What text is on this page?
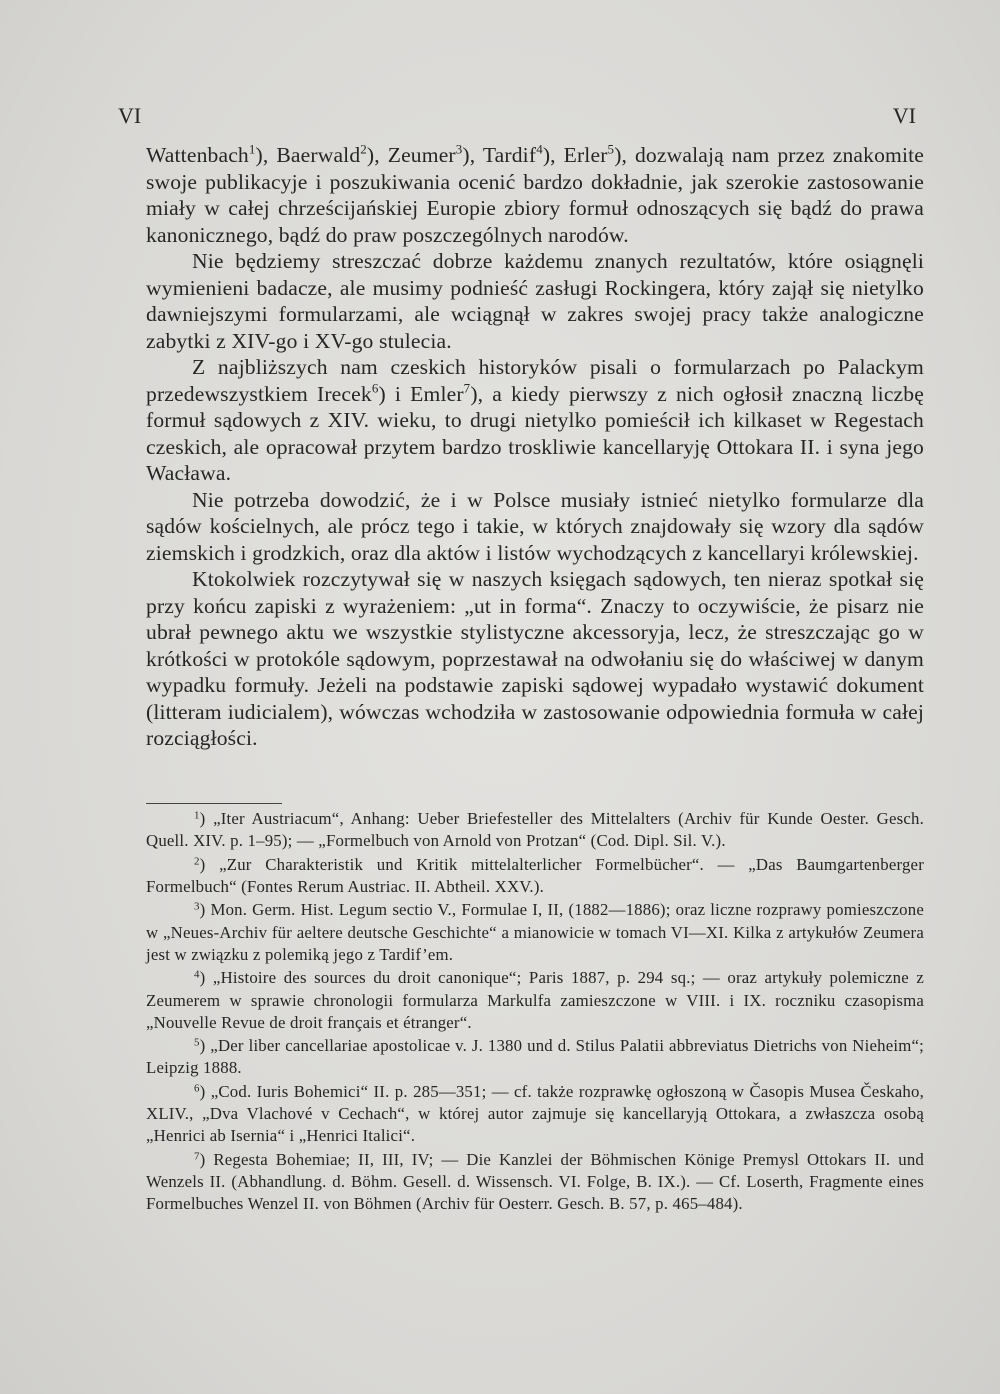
VI	VI

Wattenbach$^1$), Baerwald$^2$), Zeumer$^3$), Tardif$^4$), Erler$^5$), dozwalają nam przez znakomite swoje publikacyje i poszukiwania ocenić bardzo dokładnie, jak szerokie zastosowanie miały w całej chrześcijańskiej Europie zbiory formuł odnoszących się bądź do prawa kanonicznego, bądź do praw poszczególnych narodów.

Nie będziemy streszczać dobrze każdemu znanych rezultatów, które osiągnęli wymienieni badacze, ale musimy podnieść zasługi Rockingera, który zajął się nietylko dawniejszymi formularzami, ale wciągnął w zakres swojej pracy także analogiczne zabytki z XIV-go i XV-go stulecia.

Z najbliższych nam czeskich historyków pisali o formularzach po Palackym przedewszystkiem Irecek$^6$) i Emler$^7$), a kiedy pierwszy z nich ogłosił znaczną liczbę formuł sądowych z XIV. wieku, to drugi nietylko pomieścił ich kilkaset w Regestach czeskich, ale opracował przytem bardzo troskliwie kancellaryję Ottokara II. i syna jego Wacława.

Nie potrzeba dowodzić, że i w Polsce musiały istnieć nietylko formularze dla sądów kościelnych, ale prócz tego i takie, w których znajdowały się wzory dla sądów ziemskich i grodzkich, oraz dla aktów i listów wychodzących z kancellaryi królewskiej.

Ktokolwiek rozczytywał się w naszych księgach sądowych, ten nieraz spotkał się przy końcu zapiski z wyrażeniem: „ut in forma“. Znaczy to oczywiście, że pisarz nie ubrał pewnego aktu we wszystkie stylistyczne akcessoryja, lecz, że streszczając go w krótkości w protokóle sądowym, poprzestawał na odwołaniu się do właściwej w danym wypadku formuły. Jeżeli na podstawie zapiski sądowej wypadało wystawić dokument (litteram iudicialem), wówczas wchodziła w zastosowanie odpowiednia formuła w całej rozciągłości.

$^1$) „Iter Austriacum“, Anhang: Ueber Briefesteller des Mittelalters (Archiv für Kunde Oester. Gesch. Quell. XIV. p. 1–95); — „Formelbuch von Arnold von Protzan“ (Cod. Dipl. Sil. V.).

$^2$) „Zur Charakteristik und Kritik mittelalterlicher Formelbücher“. — „Das Baumgartenberger Formelbuch“ (Fontes Rerum Austriac. II. Abtheil. XXV.).

$^3$) Mon. Germ. Hist. Legum sectio V., Formulae I, II, (1882—1886); oraz liczne rozprawy pomieszczone w „Neues-Archiv für aeltere deutsche Geschichte“ a mianowicie w tomach VI—XI. Kilka z artykułów Zeumera jest w związku z polemiką jego z Tardif’em.

$^4$) „Histoire des sources du droit canonique“; Paris 1887, p. 294 sq.; — oraz artykuły polemiczne z Zeumerem w sprawie chronologii formularza Markulfa zamieszczone w VIII. i IX. roczniku czasopisma „Nouvelle Revue de droit français et étranger“.

$^5$) „Der liber cancellariae apostolicae v. J. 1380 und d. Stilus Palatii abbreviatus Dietrichs von Nieheim“; Leipzig 1888.

$^6$) „Cod. Iuris Bohemici“ II. p. 285—351; — cf. także rozprawkę ogłoszoną w Časopis Musea Českaho, XLIV., „Dva Vlachové v Cechach“, w której autor zajmuje się kancellaryją Ottokara, a zwłaszcza osobą „Henrici ab Isernia“ i „Henrici Italici“.

$^7$) Regesta Bohemiae; II, III, IV; — Die Kanzlei der Böhmischen Könige Premysl Ottokars II. und Wenzels II. (Abhandlung. d. Böhm. Gesell. d. Wissensch. VI. Folge, B. IX.). — Cf. Loserth, Fragmente eines Formelbuches Wenzel II. von Böhmen (Archiv für Oesterr. Gesch. B. 57, p. 465–484).
